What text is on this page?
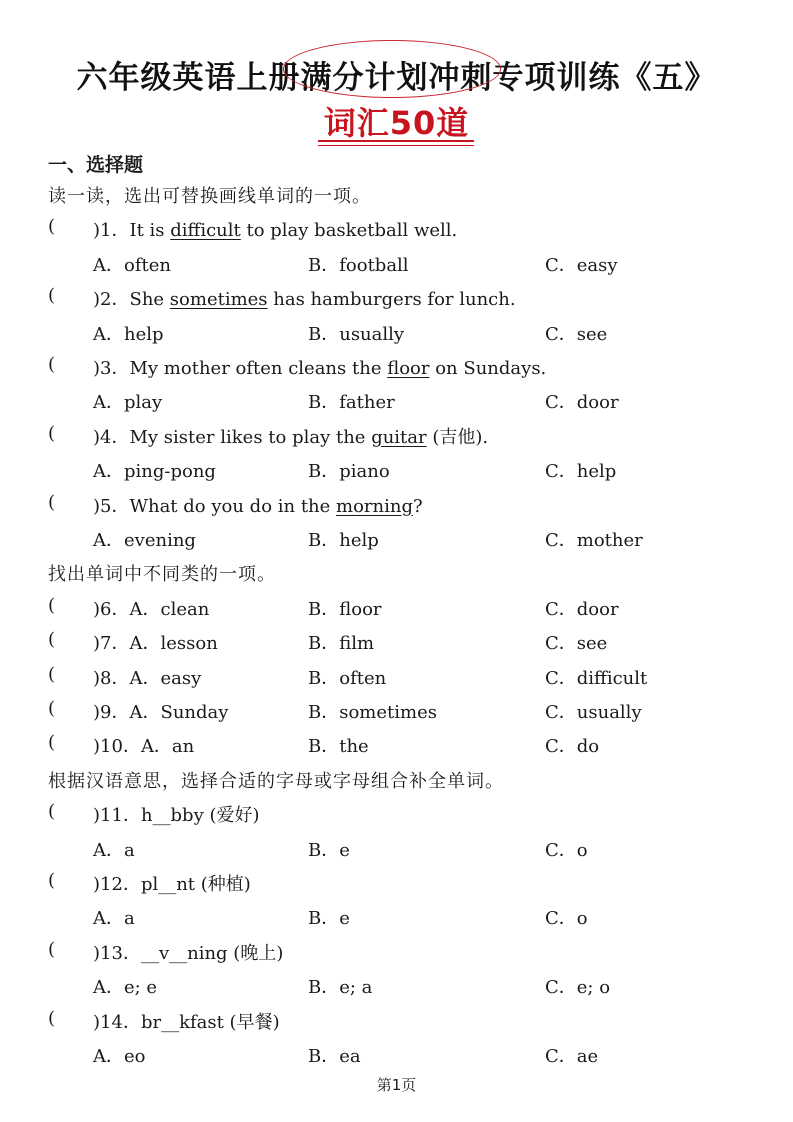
六年级英语上册满分计划冲刺专项训练《五》
词汇50道
一、选择题
读一读，选出可替换画线单词的一项。
( )1．It is difficult to play basketball well.
A．often	B．football	C．easy
( )2．She sometimes has hamburgers for lunch.
A．help	B．usually	C．see
( )3．My mother often cleans the floor on Sundays.
A．play	B．father	C．door
( )4．My sister likes to play the guitar (吉他).
A．ping-pong	B．piano	C．help
( )5．What do you do in the morning?
A．evening	B．help	C．mother
找出单词中不同类的一项。
( )6．A．clean	B．floor	C．door
( )7．A．lesson	B．film	C．see
( )8．A．easy	B．often	C．difficult
( )9．A．Sunday	B．sometimes	C．usually
( )10．A．an	B．the	C．do
根据汉语意思，选择合适的字母或字母组合补全单词。
( )11．h__bby (爱好)
A．a	B．e	C．o
( )12．pl__nt (种植)
A．a	B．e	C．o
( )13．__v__ning (晚上)
A．e; e	B．e; a	C．e; o
( )14．br__kfast (早餐)
A．eo	B．ea	C．ae
第1页
